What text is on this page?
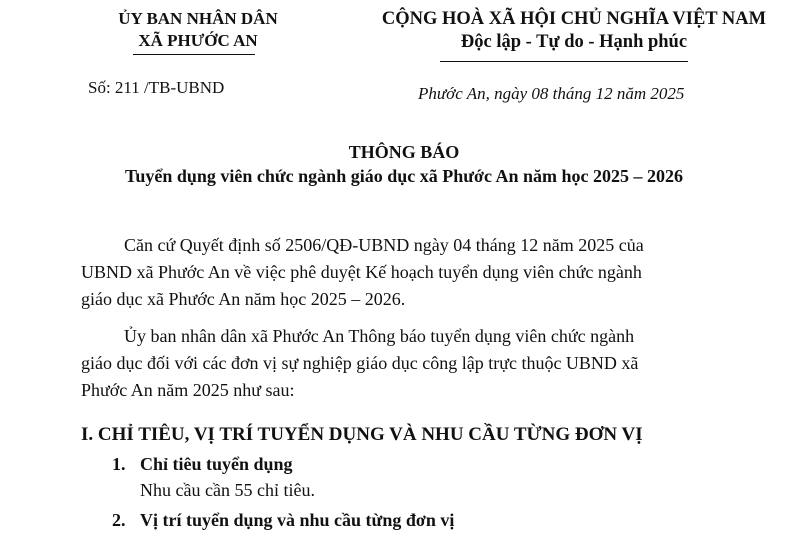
ỦY BAN NHÂN DÂN
XÃ PHƯỚC AN
CỘNG HOÀ XÃ HỘI CHỦ NGHĨA VIỆT NAM
Độc lập - Tự do - Hạnh phúc
Số: 211 /TB-UBND	Phước An, ngày 08 tháng 12 năm 2025
THÔNG BÁO
Tuyển dụng viên chức ngành giáo dục xã Phước An năm học 2025 – 2026
Căn cứ Quyết định số 2506/QĐ-UBND ngày 04 tháng 12 năm 2025 của
UBND xã Phước An về việc phê duyệt Kế hoạch tuyển dụng viên chức ngành
giáo dục xã Phước An năm học 2025 – 2026.
Ủy ban nhân dân xã Phước An Thông báo tuyển dụng viên chức ngành
giáo dục đối với các đơn vị sự nghiệp giáo dục công lập trực thuộc UBND xã
Phước An năm 2025 như sau:
I. CHỈ TIÊU, VỊ TRÍ TUYỂN DỤNG VÀ NHU CẦU TỪNG ĐƠN VỊ
1. Chỉ tiêu tuyển dụng
Nhu cầu cần 55 chỉ tiêu.
2. Vị trí tuyển dụng và nhu cầu từng đơn vị
